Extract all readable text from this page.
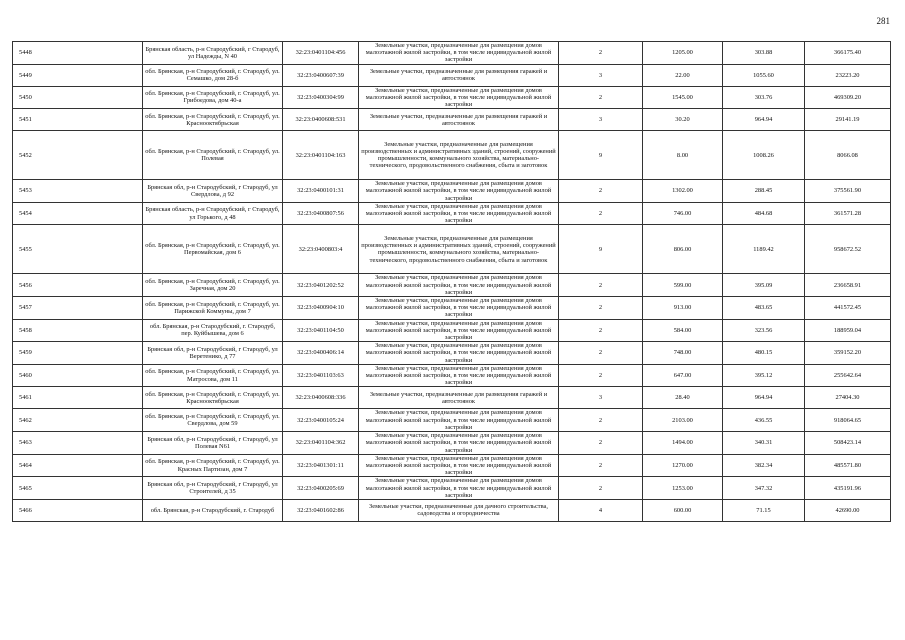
281
5448	Брянская область, р-н Стародубский, г Стародуб, ул Надежды, N 40	32:23:0401104:456	Земельные участки, предназначенные для размещения домов малоэтажной жилой застройки, в том числе индивидуальной жилой застройки	2	1205.00	303.88	366175.40
5449	обл. Брянская, р-н Стародубский, г. Стародуб, ул. Семашко, дом 28-б	32:23:0400607:39	Земельные участки, предназначенные для размещения гаражей и автостоянок	3	22.00	1055.60	23223.20
5450	обл. Брянская, р-н Стародубский, г. Стародуб, ул. Грибоедова, дом 40-а	32:23:0400304:99	Земельные участки, предназначенные для размещения домов малоэтажной жилой застройки, в том числе индивидуальной жилой застройки	2	1545.00	303.76	469309.20
5451	обл. Брянская, р-н Стародубский, г. Стародуб, ул. Краснооктябрьская	32:23:0400608:531	Земельные участки, предназначенные для размещения гаражей и автостоянок	3	30.20	964.94	29141.19
5452	обл. Брянская, р-н Стародубский, г. Стародуб, ул. Полевая	32:23:0401104:163	Земельные участки, предназначенные для размещения производственных и административных зданий, строений, сооружений промышленности, коммунального хозяйства, материально-технического, продовольственного снабжения, сбыта и заготовок	9	8.00	1008.26	8066.08
5453	Брянская обл, р-н Стародубский, г Стародуб, ул Свердлова, д 92	32:23:0400101:31	Земельные участки, предназначенные для размещения домов малоэтажной жилой застройки, в том числе индивидуальной жилой застройки	2	1302.00	288.45	375561.90
5454	Брянская область, р-н Стародубский, г Стародуб, ул Горького, д 48	32:23:0400807:56	Земельные участки, предназначенные для размещения домов малоэтажной жилой застройки, в том числе индивидуальной жилой застройки	2	746.00	484.68	361571.28
5455	обл. Брянская, р-н Стародубский, г. Стародуб, ул. Первомайская, дом 6	32:23:0400803:4	Земельные участки, предназначенные для размещения производственных и административных зданий, строений, сооружений промышленности, коммунального хозяйства, материально-технического, продовольственного снабжения, сбыта и заготовок	9	806.00	1189.42	958672.52
5456	обл. Брянская, р-н Стародубский, г. Стародуб, ул. Заречная, дом 20	32:23:0401202:52	Земельные участки, предназначенные для размещения домов малоэтажной жилой застройки, в том числе индивидуальной жилой застройки	2	599.00	395.09	236658.91
5457	обл. Брянская, р-н Стародубский, г. Стародуб, ул. Парижской Коммуны, дом 7	32:23:0400904:10	Земельные участки, предназначенные для размещения домов малоэтажной жилой застройки, в том числе индивидуальной жилой застройки	2	913.00	483.65	441572.45
5458	обл. Брянская, р-н Стародубский, г. Стародуб, пер. Куйбышева, дом 6	32:23:0401104:50	Земельные участки, предназначенные для размещения домов малоэтажной жилой застройки, в том числе индивидуальной жилой застройки	2	584.00	323.56	188959.04
5459	Брянская обл, р-н Стародубский, г Стародуб, ул Веретенико, д 77	32:23:0400406:14	Земельные участки, предназначенные для размещения домов малоэтажной жилой застройки, в том числе индивидуальной жилой застройки	2	748.00	480.15	359152.20
5460	обл. Брянская, р-н Стародубский, г. Стародуб, ул. Матросова, дом 11	32:23:0401103:63	Земельные участки, предназначенные для размещения домов малоэтажной жилой застройки, в том числе индивидуальной жилой застройки	2	647.00	395.12	255642.64
5461	обл. Брянская, р-н Стародубский, г. Стародуб, ул. Краснооктябрьская	32:23:0400608:336	Земельные участки, предназначенные для размещения гаражей и автостоянок	3	28.40	964.94	27404.30
5462	обл. Брянская, р-н Стародубский, г. Стародуб, ул. Свердлова, дом 59	32:23:0400105:24	Земельные участки, предназначенные для размещения домов малоэтажной жилой застройки, в том числе индивидуальной жилой застройки	2	2103.00	436.55	918064.65
5463	Брянская обл, р-н Стародубский, г Стародуб, ул Полевая N61	32:23:0401104:362	Земельные участки, предназначенные для размещения домов малоэтажной жилой застройки, в том числе индивидуальной жилой застройки	2	1494.00	340.31	508423.14
5464	обл. Брянская, р-н Стародубский, г. Стародуб, ул. Красных Партизан, дом 7	32:23:0401301:11	Земельные участки, предназначенные для размещения домов малоэтажной жилой застройки, в том числе индивидуальной жилой застройки	2	1270.00	382.34	485571.80
5465	Брянская обл, р-н Стародубский, г Стародуб, ул Строителей, д 35	32:23:0400205:69	Земельные участки, предназначенные для размещения домов малоэтажной жилой застройки, в том числе индивидуальной жилой застройки	2	1253.00	347.32	435191.96
5466	обл. Брянская, р-н Стародубский, г. Стародуб	32:23:0401602:86	Земельные участки, предназначенные для дачного строительства, садоводства и огородничества	4	600.00	71.15	42690.00
